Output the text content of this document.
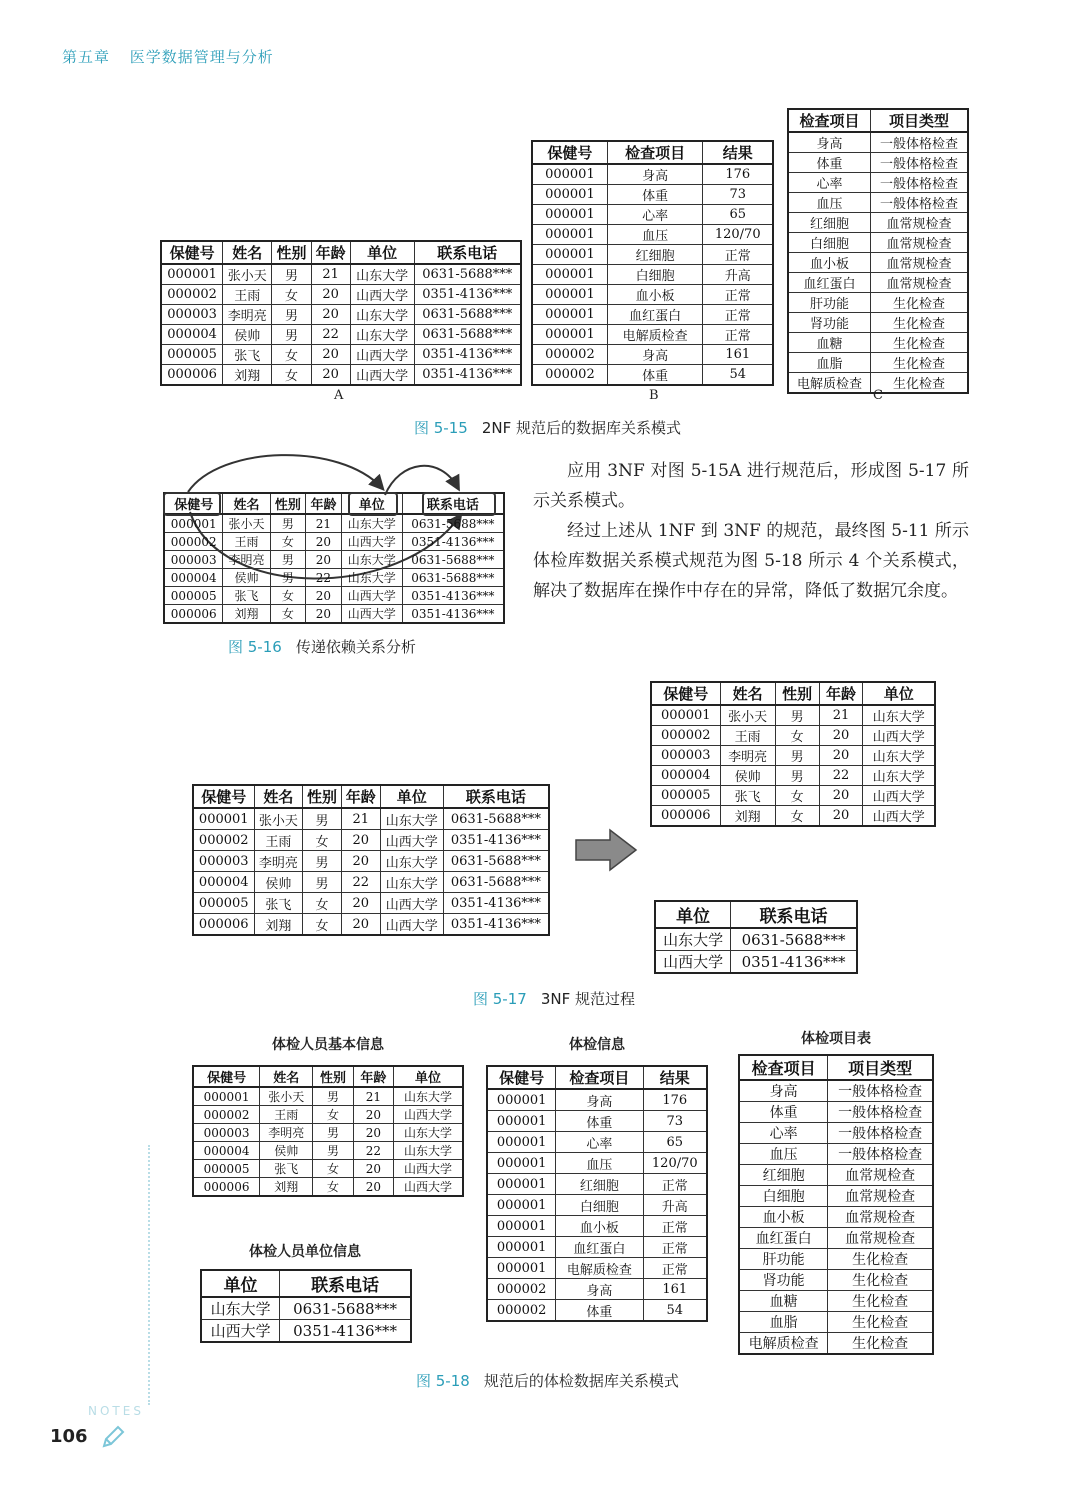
第五章 医学数据管理与分析
保健号	姓名	性别	年龄	单位	联系电话
000001	张小天	男	21	山东大学	0631-5688***
000002	王雨	女	20	山西大学	0351-4136***
000003	李明亮	男	20	山东大学	0631-5688***
000004	侯帅	男	22	山东大学	0631-5688***
000005	张飞	女	20	山西大学	0351-4136***
000006	刘翔	女	20	山西大学	0351-4136***
保健号	检查项目	结果
000001	身高	176
000001	体重	73
000001	心率	65
000001	血压	120/70
000001	红细胞	正常
000001	白细胞	升高
000001	血小板	正常
000001	血红蛋白	正常
000001	电解质检查	正常
000002	身高	161
000002	体重	54
检查项目	项目类型
身高	一般体格检查
体重	一般体格检查
心率	一般体格检查
血压	一般体格检查
红细胞	血常规检查
白细胞	血常规检查
血小板	血常规检查
血红蛋白	血常规检查
肝功能	生化检查
肾功能	生化检查
血糖	生化检查
血脂	生化检查
电解质检查	生化检查
A	B	C
图 5-15 2NF 规范后的数据库关系模式
保健号	姓名	性别	年龄	单位	联系电话
000001	张小天	男	21	山东大学	0631-5688***
000002	王雨	女	20	山西大学	0351-4136***
000003	李明亮	男	20	山东大学	0631-5688***
000004	侯帅	男	22	山东大学	0631-5688***
000005	张飞	女	20	山西大学	0351-4136***
000006	刘翔	女	20	山西大学	0351-4136***
图 5-16 传递依赖关系分析

应用 3NF 对图 5-15A 进行规范后，形成图 5-17 所示关系模式。

经过上述从 1NF 到 3NF 的规范，最终图 5-11 所示体检库数据关系模式规范为图 5-18 所示 4 个关系模式，解决了数据库在操作中存在的异常，降低了数据冗余度。

保健号	姓名	性别	年龄	单位	联系电话
000001	张小天	男	21	山东大学	0631-5688***
000002	王雨	女	20	山西大学	0351-4136***
000003	李明亮	男	20	山东大学	0631-5688***
000004	侯帅	男	22	山东大学	0631-5688***
000005	张飞	女	20	山西大学	0351-4136***
000006	刘翔	女	20	山西大学	0351-4136***
保健号	姓名	性别	年龄	单位
000001	张小天	男	21	山东大学
000002	王雨	女	20	山西大学
000003	李明亮	男	20	山东大学
000004	侯帅	男	22	山东大学
000005	张飞	女	20	山西大学
000006	刘翔	女	20	山西大学
单位	联系电话
山东大学	0631-5688***
山西大学	0351-4136***
图 5-17 3NF 规范过程
体检人员基本信息
保健号	姓名	性别	年龄	单位
000001	张小天	男	21	山东大学
000002	王雨	女	20	山西大学
000003	李明亮	男	20	山东大学
000004	侯帅	男	22	山东大学
000005	张飞	女	20	山西大学
000006	刘翔	女	20	山西大学
体检人员单位信息
单位	联系电话
山东大学	0631-5688***
山西大学	0351-4136***
体检信息
保健号	检查项目	结果
000001	身高	176
000001	体重	73
000001	心率	65
000001	血压	120/70
000001	红细胞	正常
000001	白细胞	升高
000001	血小板	正常
000001	血红蛋白	正常
000001	电解质检查	正常
000002	身高	161
000002	体重	54
体检项目表
检查项目	项目类型
身高	一般体格检查
体重	一般体格检查
心率	一般体格检查
血压	一般体格检查
红细胞	血常规检查
白细胞	血常规检查
血小板	血常规检查
血红蛋白	血常规检查
肝功能	生化检查
肾功能	生化检查
血糖	生化检查
血脂	生化检查
电解质检查	生化检查
图 5-18 规范后的体检数据库关系模式
NOTES
106
